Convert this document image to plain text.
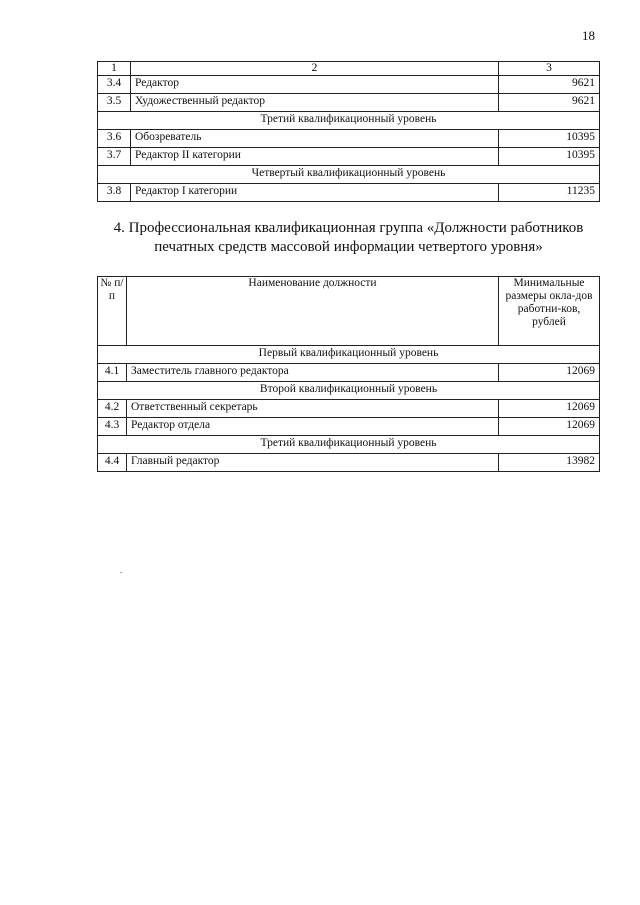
18
1	2	3
3.4	Редактор	9621
3.5	Художественный редактор	9621
Третий квалификационный уровень		
3.6	Обозреватель	10395
3.7	Редактор II категории	10395
Четвертый квалификационный уровень		
3.8	Редактор I категории	11235
4. Профессиональная квалификационная группа «Должности работников печатных средств массовой информации четвертого уровня»
№ п/п	Наименование должности	Минимальные размеры окла-дов работни-ков, рублей
Первый квалификационный уровень		
4.1	Заместитель главного редактора	12069
Второй квалификационный уровень		
4.2	Ответственный секретарь	12069
4.3	Редактор отдела	12069
Третий квалификационный уровень		
4.4	Главный редактор	13982
